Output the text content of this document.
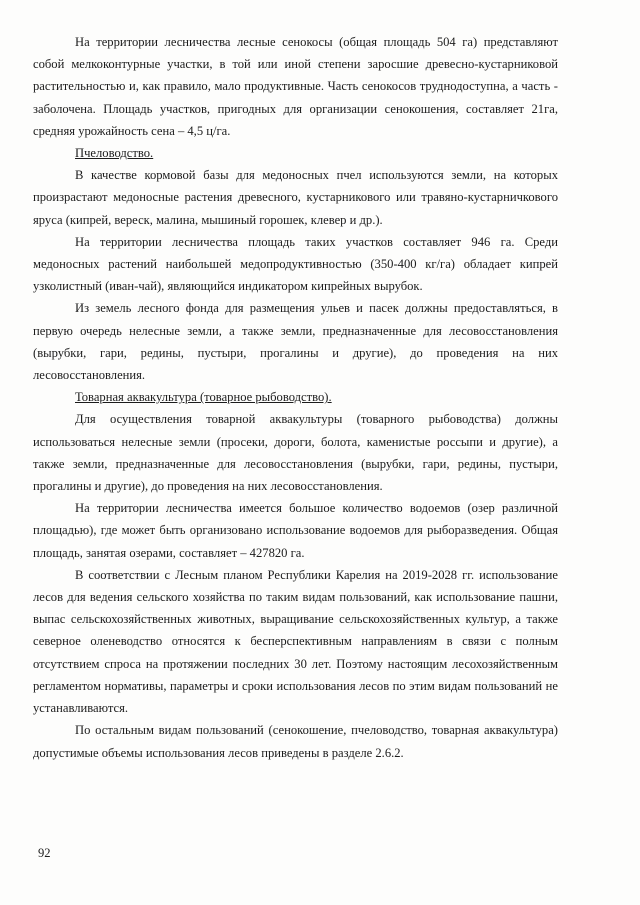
На территории лесничества лесные сенокосы (общая площадь 504 га) представляют собой мелкоконтурные участки, в той или иной степени заросшие древесно-кустарниковой растительностью и, как правило, мало продуктивные. Часть сенокосов труднодоступна, а часть - заболочена. Площадь участков, пригодных для организации сенокошения, составляет 21га, средняя урожайность сена – 4,5 ц/га.

Пчеловодство.

В качестве кормовой базы для медоносных пчел используются земли, на которых произрастают медоносные растения древесного, кустарникового или травяно-кустарничкового яруса (кипрей, вереск, малина, мышиный горошек, клевер и др.).

На территории лесничества площадь таких участков составляет 946 га. Среди медоносных растений наибольшей медопродуктивностью (350-400 кг/га) обладает кипрей узколистный (иван-чай), являющийся индикатором кипрейных вырубок.

Из земель лесного фонда для размещения ульев и пасек должны предоставляться, в первую очередь нелесные земли, а также земли, предназначенные для лесовосстановления (вырубки, гари, редины, пустыри, прогалины и другие), до проведения на них лесовосстановления.

Товарная аквакультура (товарное рыбоводство).

Для осуществления товарной аквакультуры (товарного рыбоводства) должны использоваться нелесные земли (просеки, дороги, болота, каменистые россыпи и другие), а также земли, предназначенные для лесовосстановления (вырубки, гари, редины, пустыри, прогалины и другие), до проведения на них лесовосстановления.

На территории лесничества имеется большое количество водоемов (озер различной площадью), где может быть организовано использование водоемов для рыборазведения. Общая площадь, занятая озерами, составляет – 427820 га.

В соответствии с Лесным планом Республики Карелия на 2019-2028 гг. использование лесов для ведения сельского хозяйства по таким видам пользований, как использование пашни, выпас сельскохозяйственных животных, выращивание сельскохозяйственных культур, а также северное оленеводство относятся к бесперспективным направлениям в связи с полным отсутствием спроса на протяжении последних 30 лет. Поэтому настоящим лесохозяйственным регламентом нормативы, параметры и сроки использования лесов по этим видам пользований не устанавливаются.

По остальным видам пользований (сенокошение, пчеловодство, товарная аквакультура) допустимые объемы использования лесов приведены в разделе 2.6.2.

92
